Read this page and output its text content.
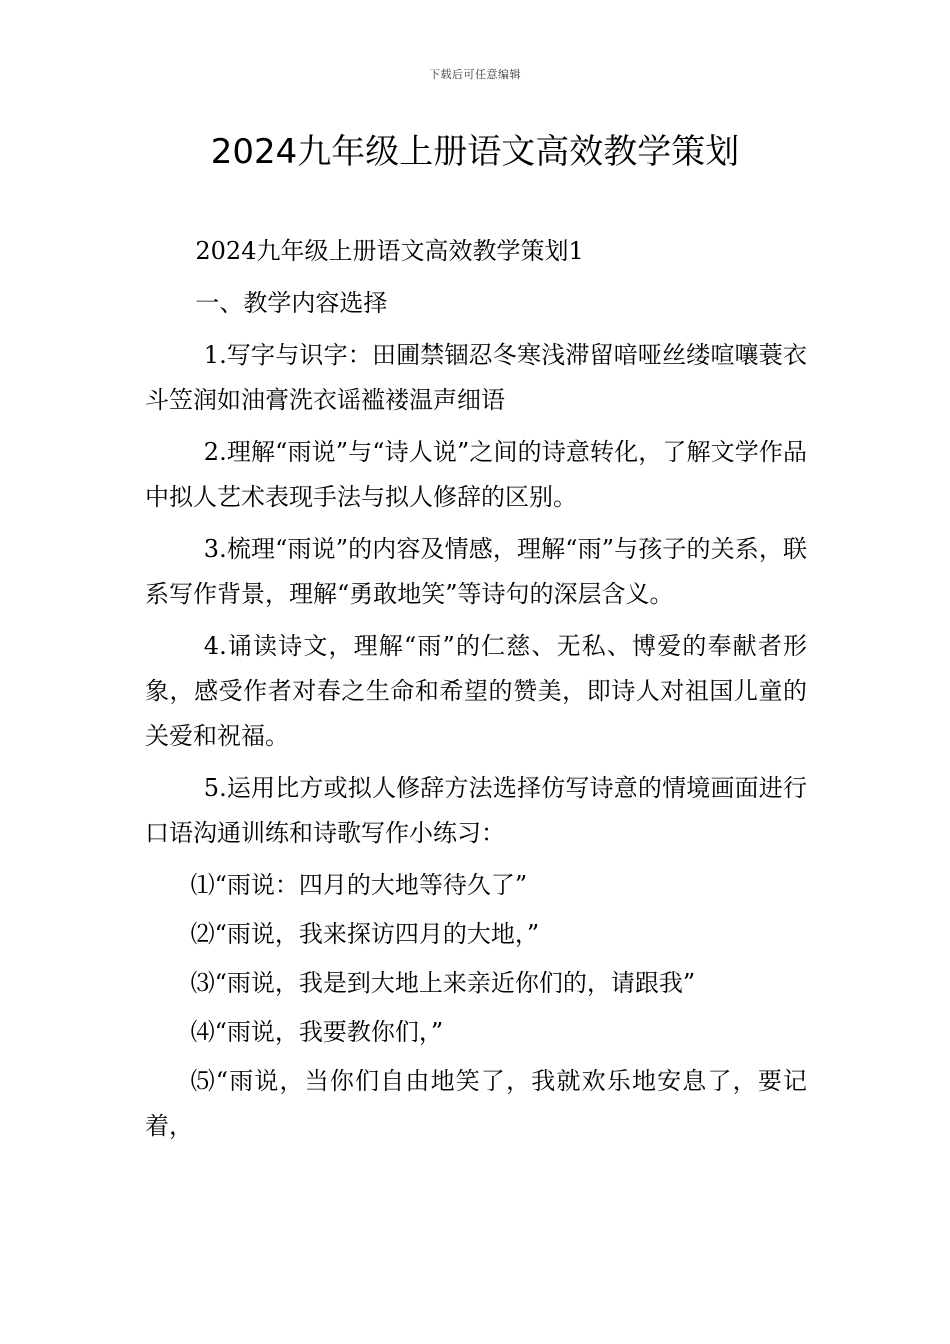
下载后可任意编辑
2024九年级上册语文高效教学策划

2024九年级上册语文高效教学策划1

一、教学内容选择

1.写字与识字：田圃禁锢忍冬寒浅滞留喑哑丝缕喧嚷蓑衣斗笠润如油膏洗衣谣褴褛温声细语

2.理解“雨说”与“诗人说”之间的诗意转化，了解文学作品中拟人艺术表现手法与拟人修辞的区别。

3.梳理“雨说”的内容及情感，理解“雨”与孩子的关系，联系写作背景，理解“勇敢地笑”等诗句的深层含义。

4.诵读诗文，理解“雨”的仁慈、无私、博爱的奉献者形象，感受作者对春之生命和希望的赞美，即诗人对祖国儿童的关爱和祝福。

5.运用比方或拟人修辞方法选择仿写诗意的情境画面进行口语沟通训练和诗歌写作小练习：

⑴“雨说：四月的大地等待久了”

⑵“雨说，我来探访四月的大地，”

⑶“雨说，我是到大地上来亲近你们的，请跟我”

⑷“雨说，我要教你们，”

⑸“雨说，当你们自由地笑了，我就欢乐地安息了，要记着，
